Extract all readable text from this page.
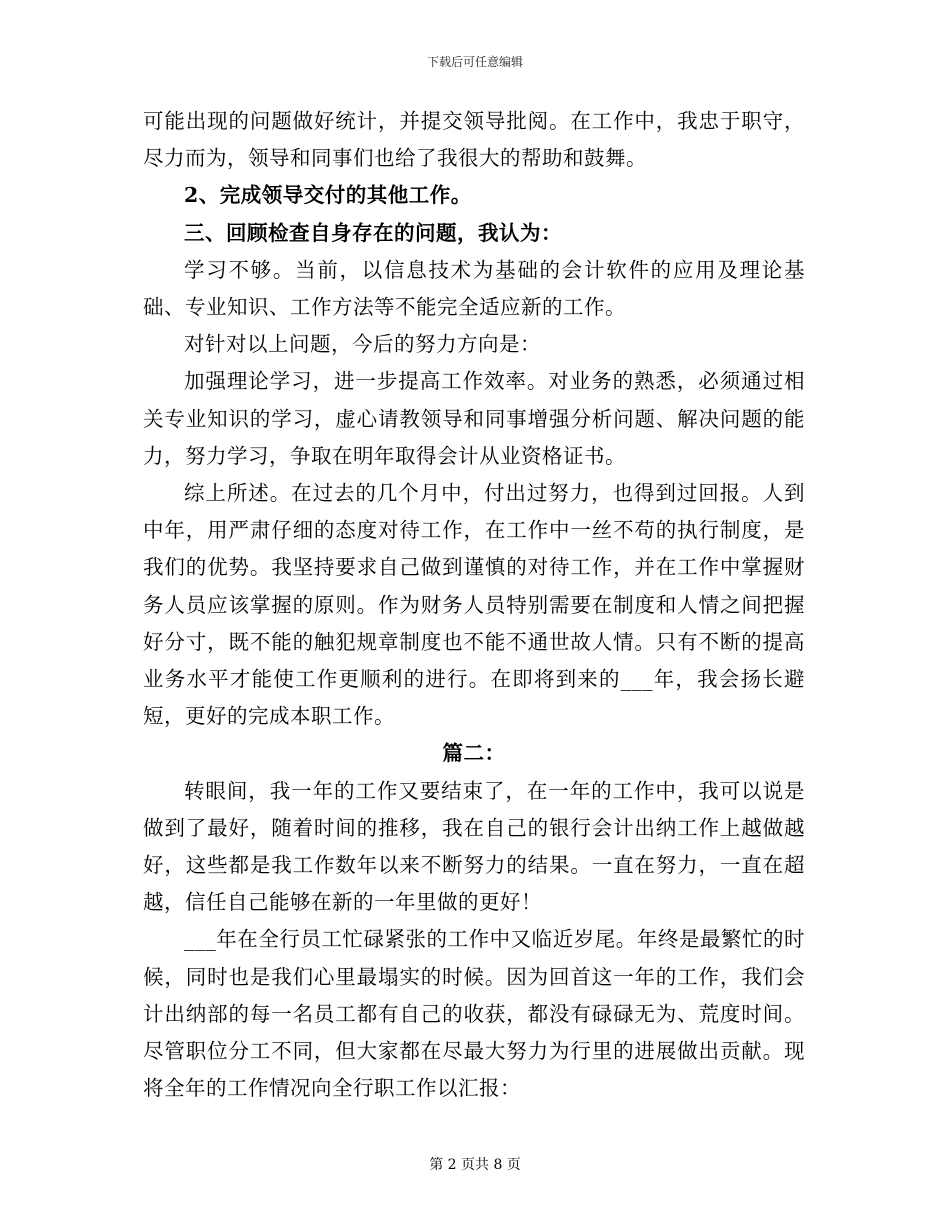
下载后可任意编辑

可能出现的问题做好统计，并提交领导批阅。在工作中，我忠于职守，尽力而为，领导和同事们也给了我很大的帮助和鼓舞。

2、完成领导交付的其他工作。

三、回顾检查自身存在的问题，我认为：

学习不够。当前，以信息技术为基础的会计软件的应用及理论基础、专业知识、工作方法等不能完全适应新的工作。

对针对以上问题，今后的努力方向是：

加强理论学习，进一步提高工作效率。对业务的熟悉，必须通过相关专业知识的学习，虚心请教领导和同事增强分析问题、解决问题的能力，努力学习，争取在明年取得会计从业资格证书。

综上所述。在过去的几个月中，付出过努力，也得到过回报。人到中年，用严肃仔细的态度对待工作，在工作中一丝不苟的执行制度，是我们的优势。我坚持要求自己做到谨慎的对待工作，并在工作中掌握财务人员应该掌握的原则。作为财务人员特别需要在制度和人情之间把握好分寸，既不能的触犯规章制度也不能不通世故人情。只有不断的提高业务水平才能使工作更顺利的进行。在即将到来的___年，我会扬长避短，更好的完成本职工作。

篇二：

转眼间，我一年的工作又要结束了，在一年的工作中，我可以说是做到了最好，随着时间的推移，我在自己的银行会计出纳工作上越做越好，这些都是我工作数年以来不断努力的结果。一直在努力，一直在超越，信任自己能够在新的一年里做的更好！

___年在全行员工忙碌紧张的工作中又临近岁尾。年终是最繁忙的时候，同时也是我们心里最塌实的时候。因为回首这一年的工作，我们会计出纳部的每一名员工都有自己的收获，都没有碌碌无为、荒度时间。尽管职位分工不同，但大家都在尽最大努力为行里的进展做出贡献。现将全年的工作情况向全行职工作以汇报：

第 2 页共 8 页
